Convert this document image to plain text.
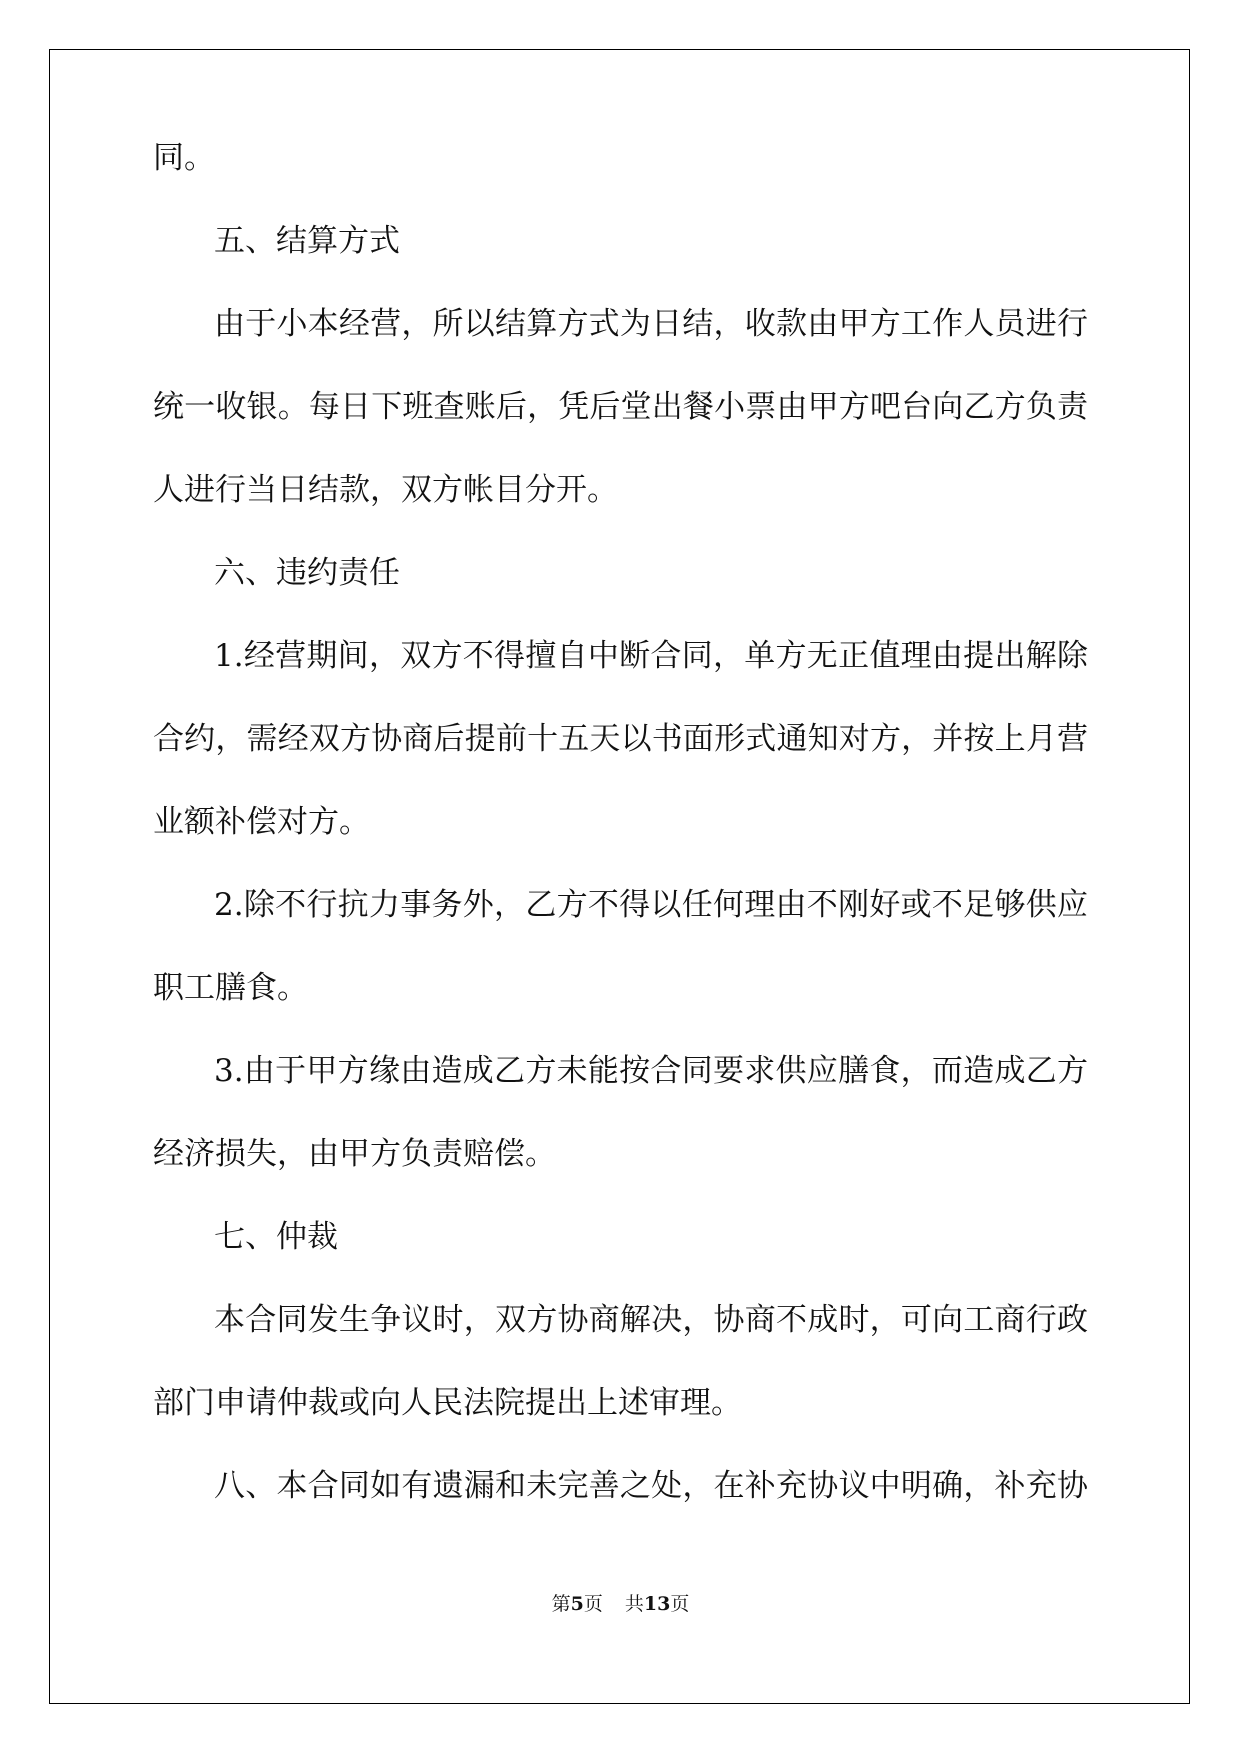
同。
五、结算方式
由于小本经营，所以结算方式为日结，收款由甲方工作人员进行
统一收银。每日下班查账后，凭后堂出餐小票由甲方吧台向乙方负责
人进行当日结款，双方帐目分开。
六、违约责任
1.经营期间，双方不得擅自中断合同，单方无正值理由提出解除
合约，需经双方协商后提前十五天以书面形式通知对方，并按上月营
业额补偿对方。
2.除不行抗力事务外，乙方不得以任何理由不刚好或不足够供应
职工膳食。
3.由于甲方缘由造成乙方未能按合同要求供应膳食，而造成乙方
经济损失，由甲方负责赔偿。
七、仲裁
本合同发生争议时，双方协商解决，协商不成时，可向工商行政
部门申请仲裁或向人民法院提出上述审理。
八、本合同如有遗漏和未完善之处，在补充协议中明确，补充协
第5页 共13页
